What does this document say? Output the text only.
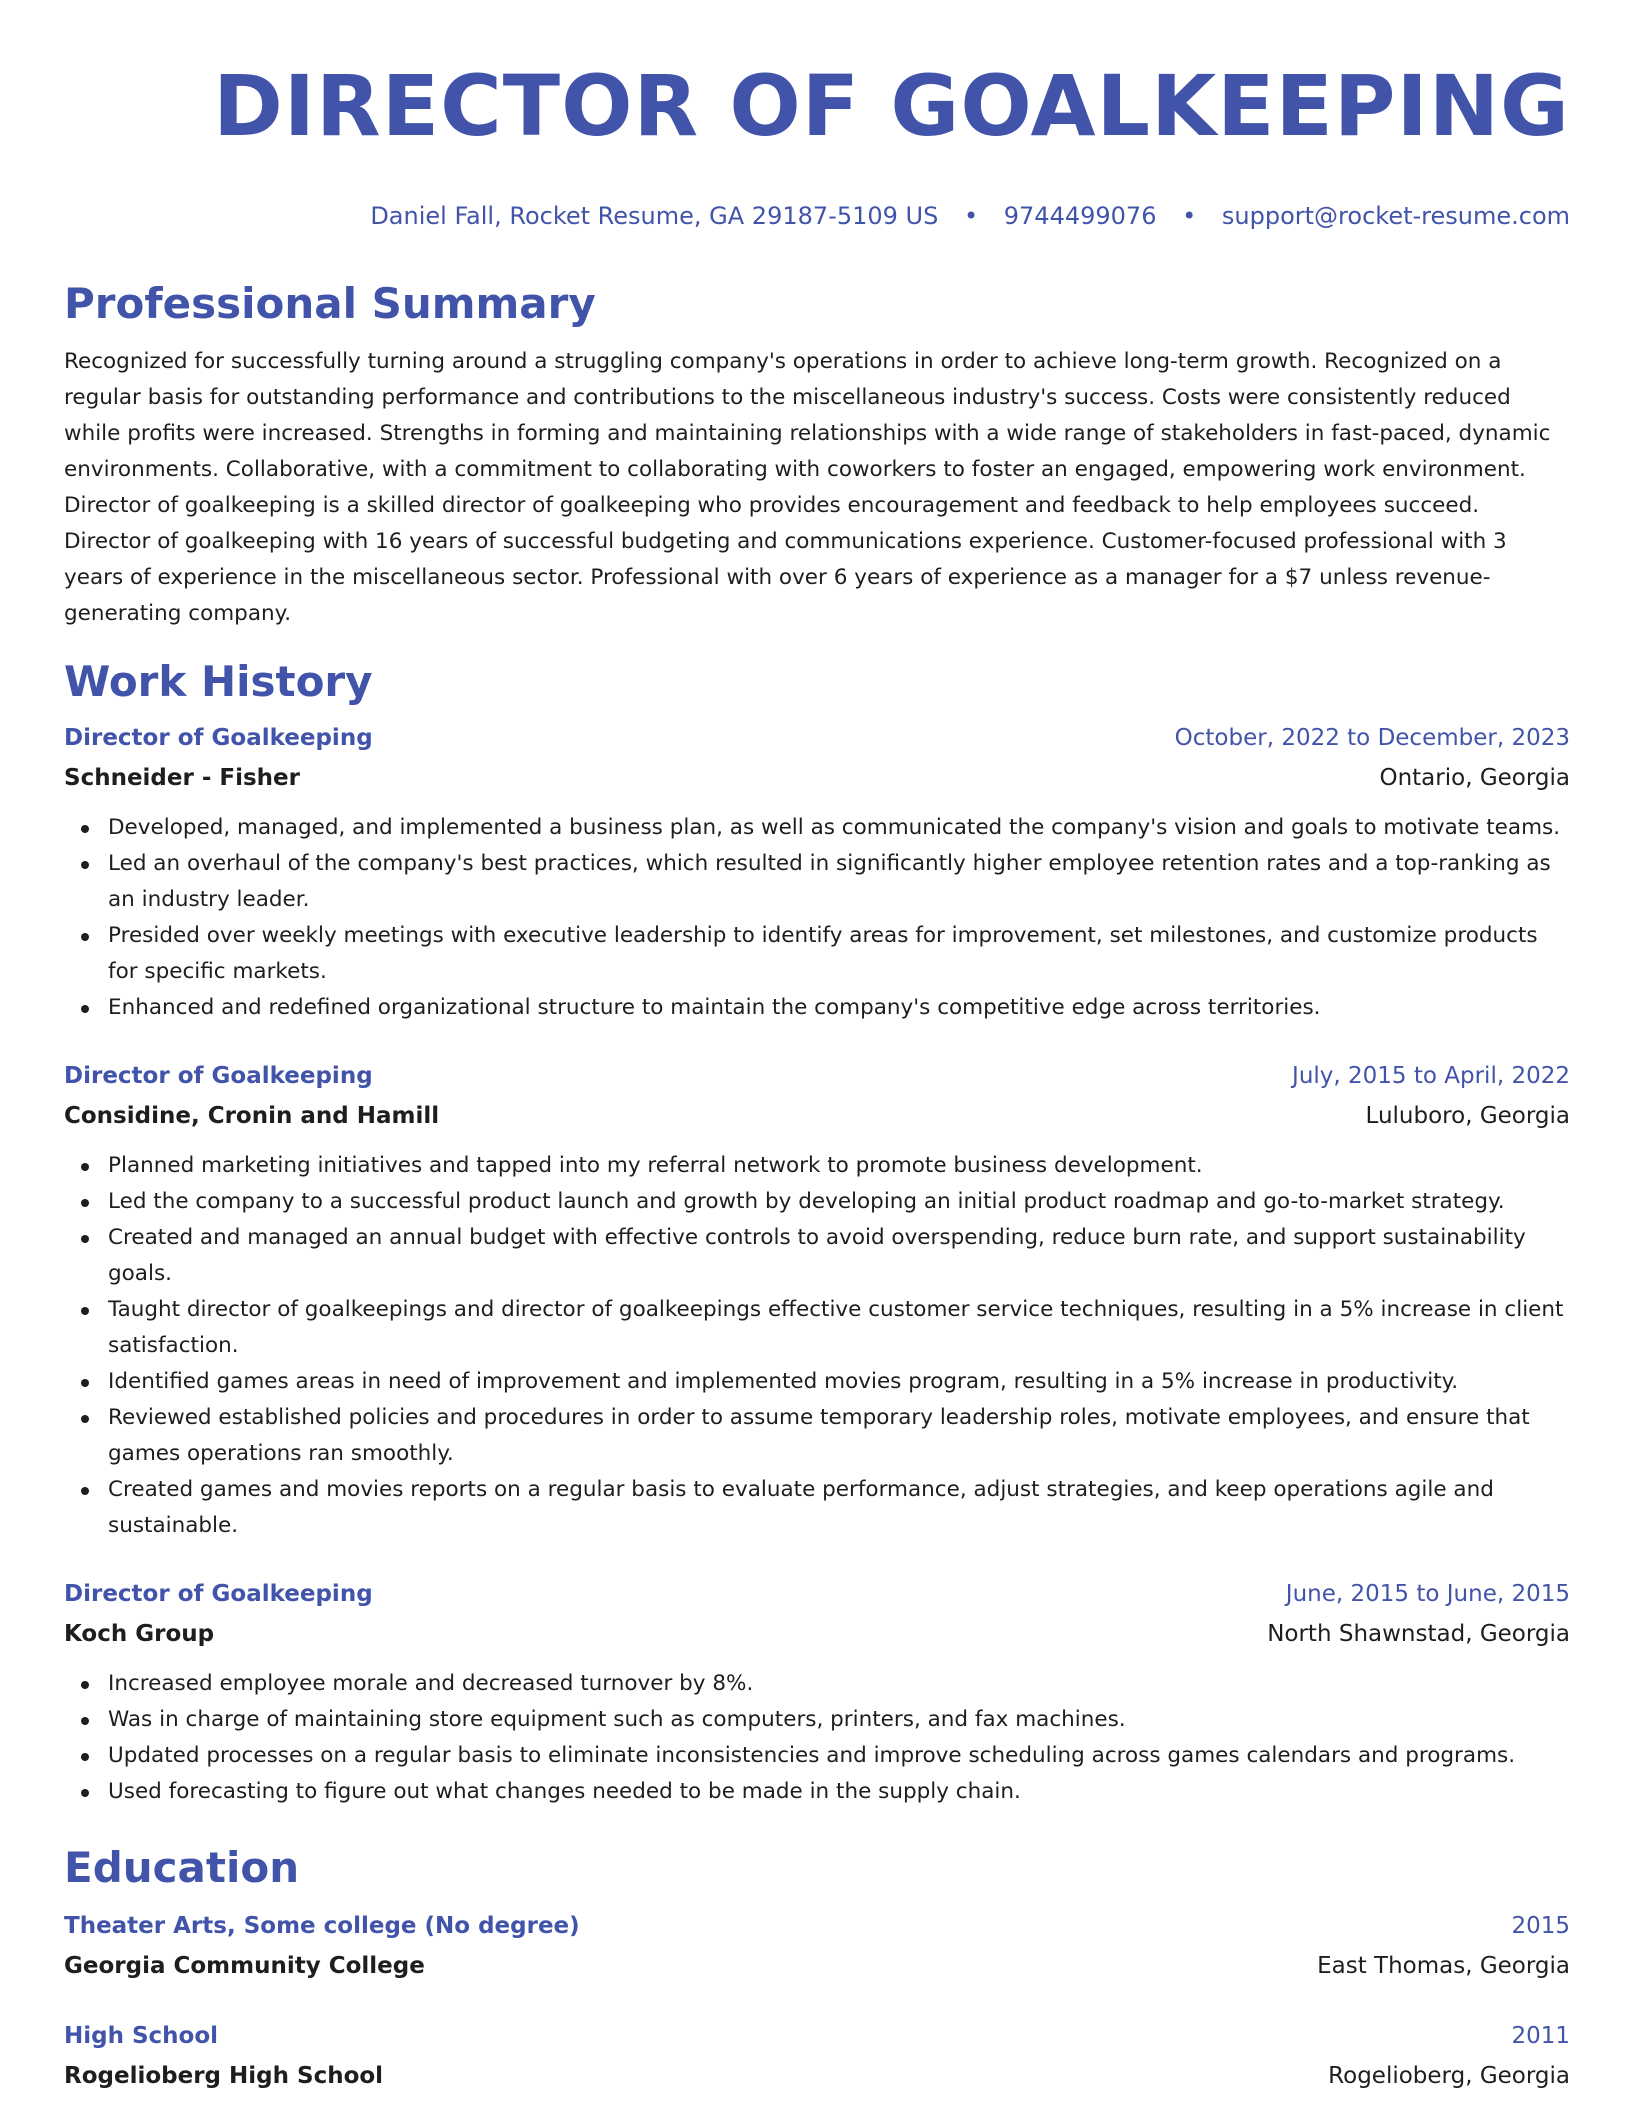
DIRECTOR OF GOALKEEPING
Daniel Fall, Rocket Resume, GA 29187-5109 US • 9744499076 • support@rocket-resume.com
Professional Summary

Recognized for successfully turning around a struggling company's operations in order to achieve long-term growth. Recognized on a regular basis for outstanding performance and contributions to the miscellaneous industry's success. Costs were consistently reduced while profits were increased. Strengths in forming and maintaining relationships with a wide range of stakeholders in fast-paced, dynamic environments. Collaborative, with a commitment to collaborating with coworkers to foster an engaged, empowering work environment. Director of goalkeeping is a skilled director of goalkeeping who provides encouragement and feedback to help employees succeed. Director of goalkeeping with 16 years of successful budgeting and communications experience. Customer-focused professional with 3 years of experience in the miscellaneous sector. Professional with over 6 years of experience as a manager for a $7 unless revenue-generating company.

Work History
Director of Goalkeeping	October, 2022 to December, 2023
Schneider - Fisher	Ontario, Georgia
Developed, managed, and implemented a business plan, as well as communicated the company's vision and goals to motivate teams.
Led an overhaul of the company's best practices, which resulted in significantly higher employee retention rates and a top-ranking as an industry leader.
Presided over weekly meetings with executive leadership to identify areas for improvement, set milestones, and customize products for specific markets.
Enhanced and redefined organizational structure to maintain the company's competitive edge across territories.
Director of Goalkeeping	July, 2015 to April, 2022
Considine, Cronin and Hamill	Luluboro, Georgia
Planned marketing initiatives and tapped into my referral network to promote business development.
Led the company to a successful product launch and growth by developing an initial product roadmap and go-to-market strategy.
Created and managed an annual budget with effective controls to avoid overspending, reduce burn rate, and support sustainability goals.
Taught director of goalkeepings and director of goalkeepings effective customer service techniques, resulting in a 5% increase in client satisfaction.
Identified games areas in need of improvement and implemented movies program, resulting in a 5% increase in productivity.
Reviewed established policies and procedures in order to assume temporary leadership roles, motivate employees, and ensure that games operations ran smoothly.
Created games and movies reports on a regular basis to evaluate performance, adjust strategies, and keep operations agile and sustainable.
Director of Goalkeeping	June, 2015 to June, 2015
Koch Group	North Shawnstad, Georgia
Increased employee morale and decreased turnover by 8%.
Was in charge of maintaining store equipment such as computers, printers, and fax machines.
Updated processes on a regular basis to eliminate inconsistencies and improve scheduling across games calendars and programs.
Used forecasting to figure out what changes needed to be made in the supply chain.
Education
Theater Arts, Some college (No degree)	2015
Georgia Community College	East Thomas, Georgia
High School	2011
Rogelioberg High School	Rogelioberg, Georgia
